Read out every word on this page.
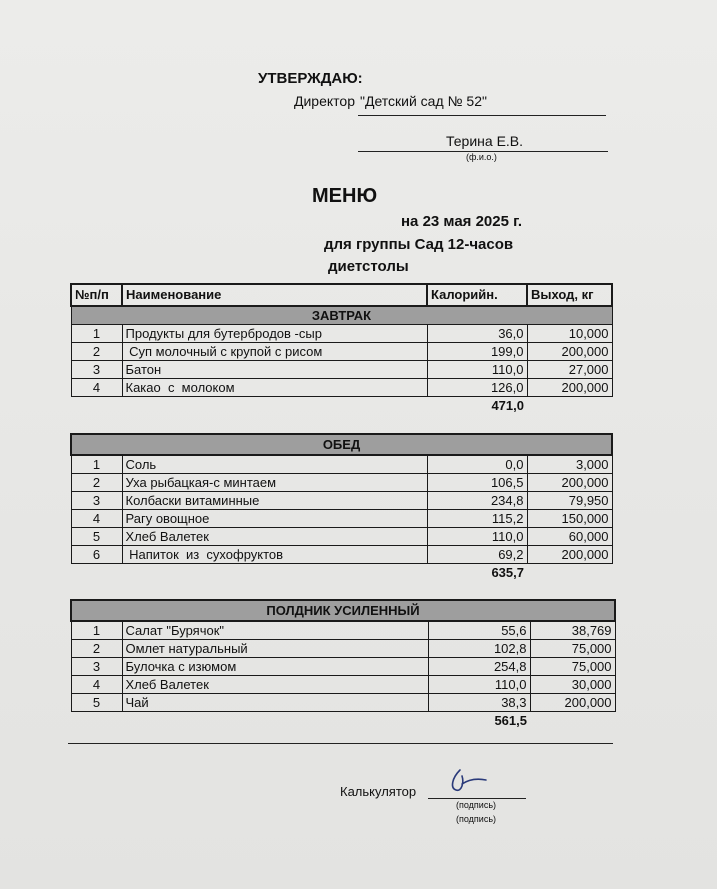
УТВЕРЖДАЮ:
Директор "Детский сад № 52"
Терина Е.В.
(ф.и.о.)
МЕНЮ
на 23 мая 2025 г.
для группы Сад 12-часов
диетстолы
№п/п	Наименование	Калорийн.	Выход, кг
ЗАВТРАК			
1	Продукты для бутербродов -сыр	36,0	10,000
2	Суп молочный с крупой с рисом	199,0	200,000
3	Батон	110,0	27,000
4	Какао  с  молоком	126,0	200,000
		471,0	
ОБЕД			
1	Соль	0,0	3,000
2	Уха рыбацкая-с минтаем	106,5	200,000
3	Колбаски витаминные	234,8	79,950
4	Рагу овощное	115,2	150,000
5	Хлеб Валетек	110,0	60,000
6	Напиток  из  сухофруктов	69,2	200,000
		635,7	
ПОЛДНИК УСИЛЕННЫЙ			
1	Салат "Бурячок"	55,6	38,769
2	Омлет натуральный	102,8	75,000
3	Булочка с изюмом	254,8	75,000
4	Хлеб Валетек	110,0	30,000
5	Чай	38,3	200,000
		561,5	
Калькулятор
(подпись)
(подпись)
